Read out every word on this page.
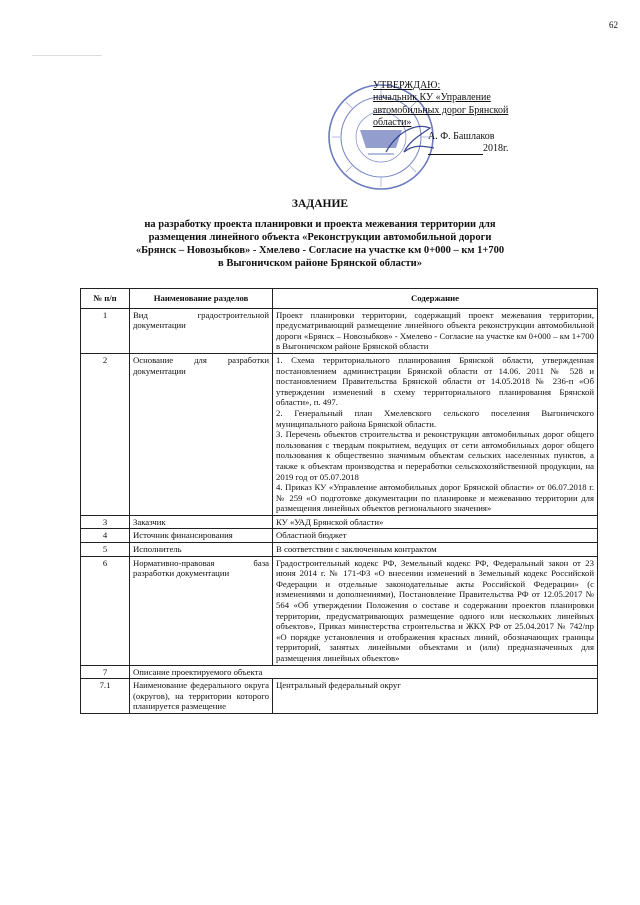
62
УТВЕРЖДАЮ:
начальник КУ «Управление
автомобильных дорог Брянской
области»
А. Ф. Башлаков
2018г.
ЗАДАНИЕ
на разработку проекта планировки и проекта межевания территории для
размещения линейного объекта «Реконструкции автомобильной дороги
«Брянск – Новозыбков» - Хмелево - Согласие на участке км 0+000 – км 1+700
в Выгоничском районе Брянской области»
№ п/п	Наименование разделов	Содержание
1	Вид градостроительной документации	Проект планировки территории, содержащий проект межевания территории, предусматривающий размещение линейного объекта реконструкции автомобильной дороги «Брянск – Новозыбков» - Хмелево - Согласие на участке км 0+000 – км 1+700 в Выгоничском районе Брянской области

2	Основание для разработки документации	1. Схема территориального планирования Брянской области, утвержденная постановлением администрации Брянской области от 14.06. 2011 № 528 и постановлением Правительства Брянской области от 14.05.2018 № 236-п «Об утверждении изменений в схему территориального планирования Брянской области», п. 497.
2. Генеральный план Хмелевского сельского поселения Выгоничского муниципального района Брянской области.
3. Перечень объектов строительства и реконструкции автомобильных дорог общего пользования с твердым покрытием, ведущих от сети автомобильных дорог общего пользования к общественно значимым объектам сельских населенных пунктов, а также к объектам производства и переработки сельскохозяйственной продукции, на 2019 год от 05.07.2018
4. Приказ КУ «Управление автомобильных дорог Брянской области» от 06.07.2018 г. № 259 «О подготовке документации по планировке и межеванию территории для размещения линейных объектов регионального значения»

3	Заказчик	КУ «УАД Брянской области»
4	Источник финансирования	Областной бюджет
5	Исполнитель	В соответствии с заключенным контрактом
6	Нормативно-правовая база разработки документации	Градостроительный кодекс РФ, Земельный кодекс РФ, Федеральный закон от 23 июня 2014 г. № 171-ФЗ «О внесении изменений в Земельный кодекс Российской Федерации и отдельные законодательные акты Российской Федерации» (с изменениями и дополнениями), Постановление Правительства РФ от 12.05.2017 № 564 «Об утверждении Положения о составе и содержании проектов планировки территории, предусматривающих размещение одного или нескольких линейных объектов», Приказ министерства строительства и ЖКХ РФ от 25.04.2017 № 742/пр «О порядке установления и отображения красных линий, обозначающих границы территорий, занятых линейными объектами и (или) предназначенных для размещения линейных объектов»
7	Описание проектируемого объекта	
7.1	Наименование федерального округа (округов), на территории которого планируется размещение	Центральный федеральный округ
